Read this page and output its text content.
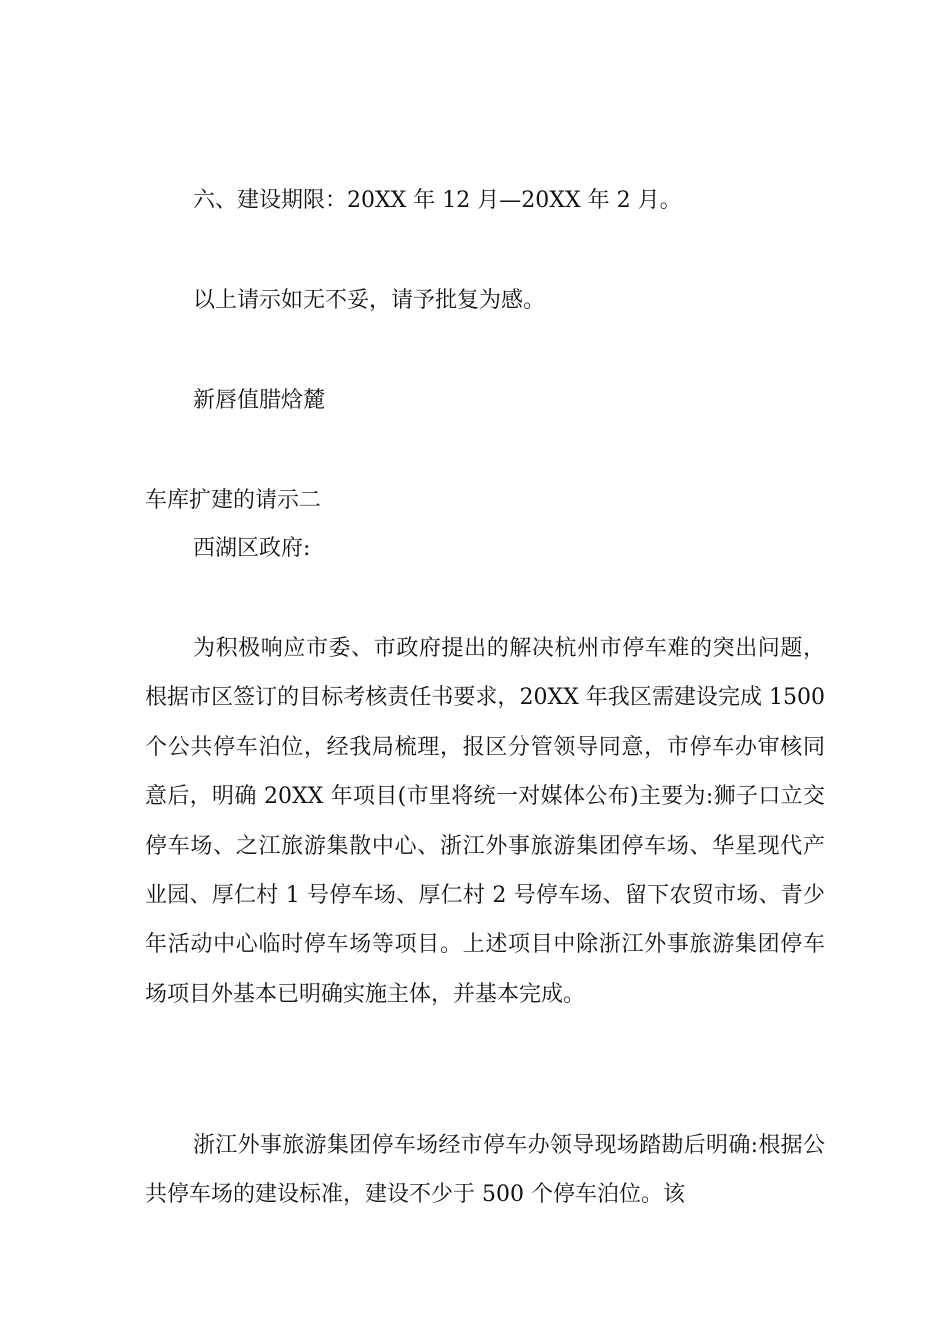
六、建设期限：20XX 年 12 月—20XX 年 2 月。

以上请示如无不妥，请予批复为感。

新唇值腊焓麓

车库扩建的请示二

西湖区政府:

为积极响应市委、市政府提出的解决杭州市停车难的突出问题，根据市区签订的目标考核责任书要求，20XX 年我区需建设完成 1500 个公共停车泊位，经我局梳理，报区分管领导同意，市停车办审核同意后，明确 20XX 年项目(市里将统一对媒体公布)主要为:狮子口立交停车场、之江旅游集散中心、浙江外事旅游集团停车场、华星现代产业园、厚仁村 1 号停车场、厚仁村 2 号停车场、留下农贸市场、青少年活动中心临时停车场等项目。上述项目中除浙江外事旅游集团停车场项目外基本已明确实施主体，并基本完成。

浙江外事旅游集团停车场经市停车办领导现场踏勘后明确:根据公共停车场的建设标准，建设不少于 500 个停车泊位。该
